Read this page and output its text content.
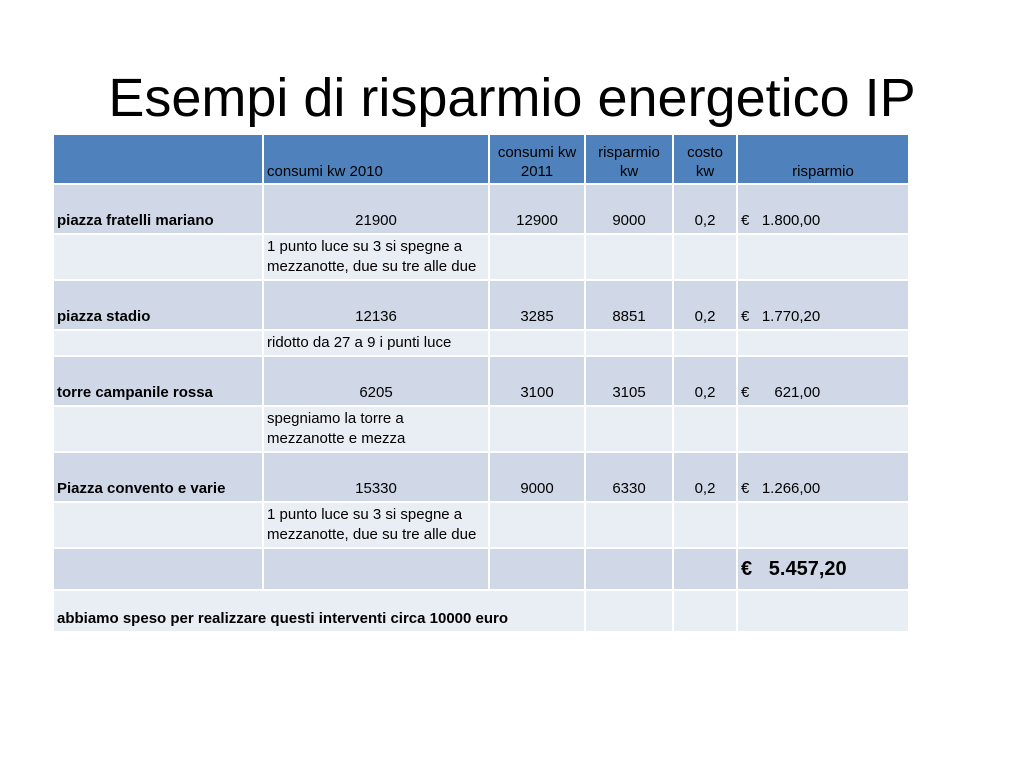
Esempi di risparmio energetico IP
	consumi kw 2010	consumi kw 2011	risparmio kw	costo kw	risparmio
piazza fratelli mariano	21900	12900	9000	0,2	€   1.800,00
	1 punto luce su 3 si spegne a mezzanotte, due su tre alle due				
piazza stadio	12136	3285	8851	0,2	€   1.770,20
	ridotto da 27 a 9 i punti luce				
torre campanile rossa	6205	3100	3105	0,2	€      621,00
	spegniamo la torre a mezzanotte e mezza				
Piazza convento e varie	15330	9000	6330	0,2	€   1.266,00
	1 punto luce su 3 si spegne a mezzanotte, due su tre alle due				
					€   5.457,20
abbiamo speso per realizzare questi interventi circa 10000 euro					
